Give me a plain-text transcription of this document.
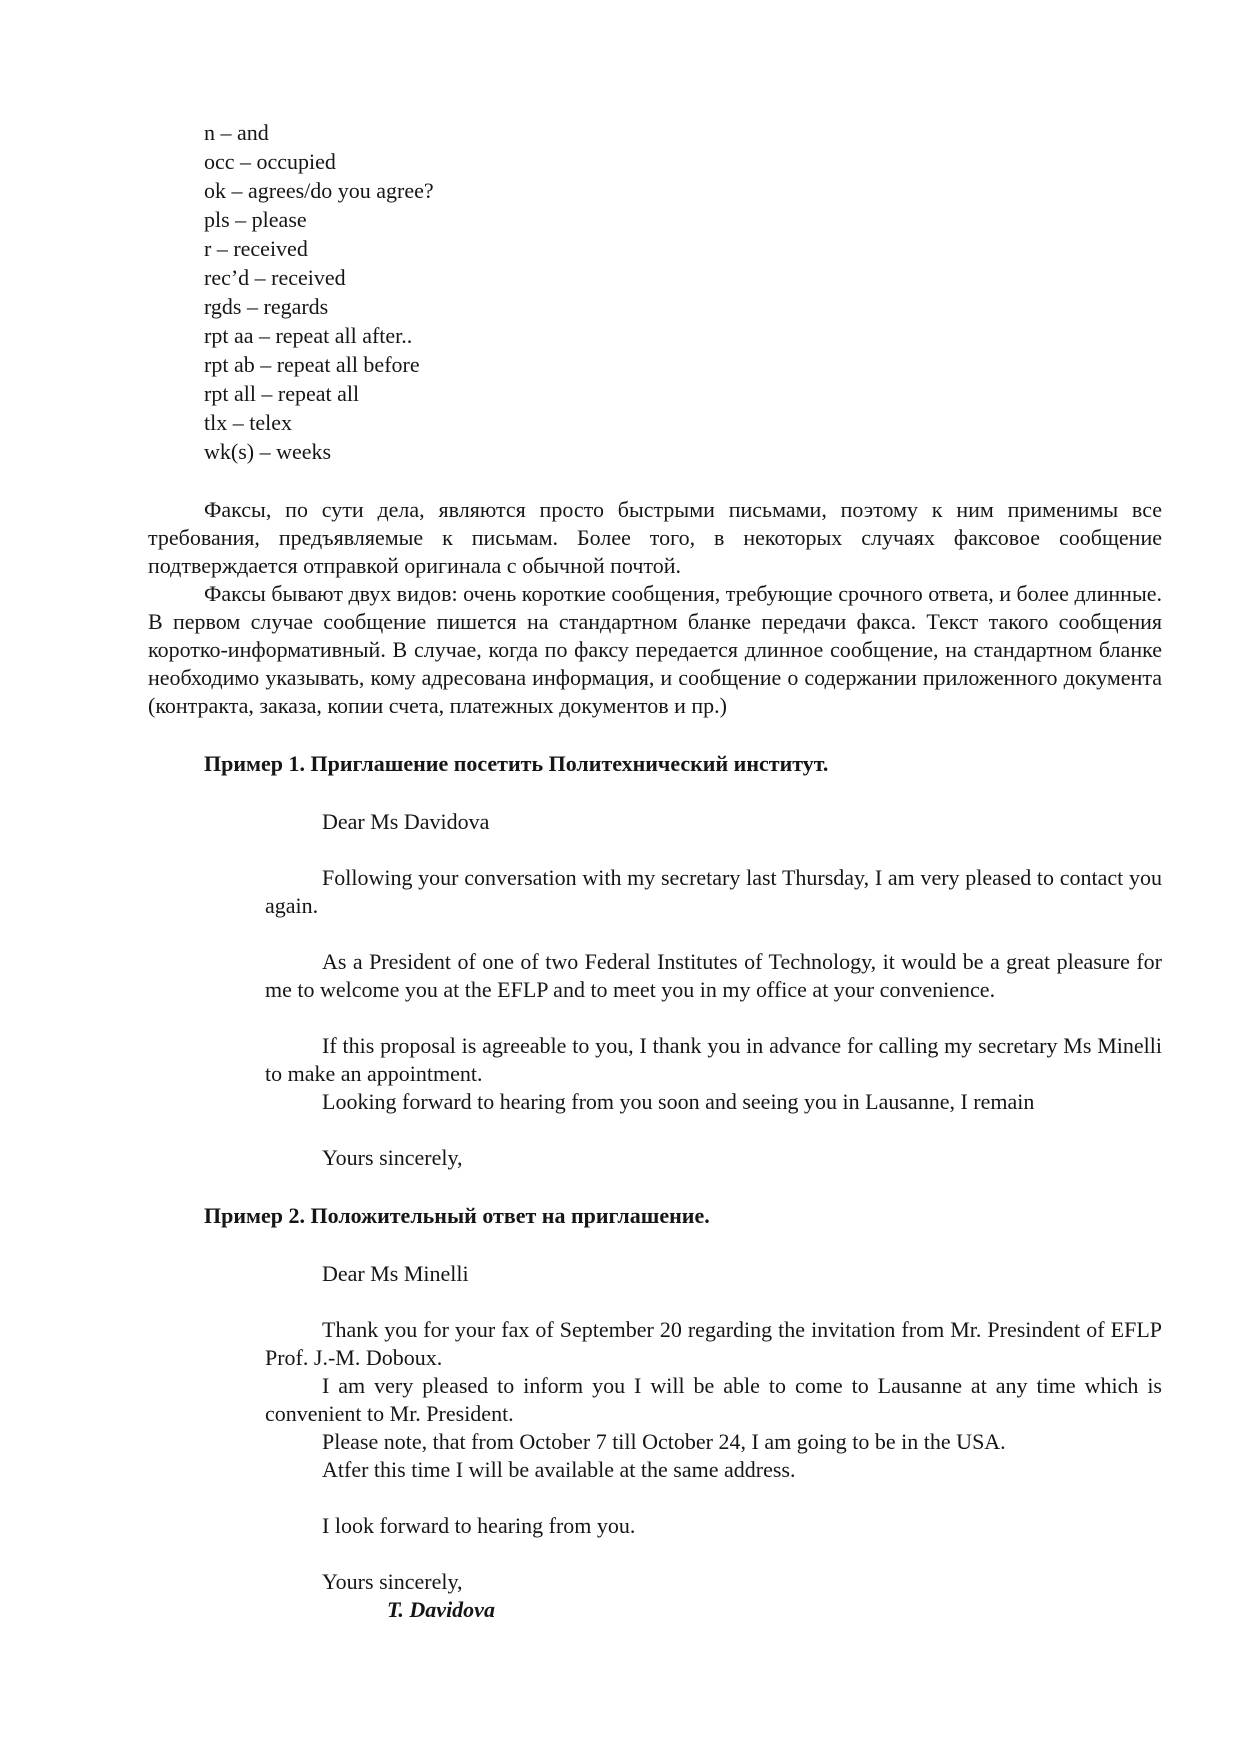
n – and
occ – occupied
ok – agrees/do you agree?
pls – please
r – received
rec’d – received
rgds – regards
rpt aa – repeat all after..
rpt ab – repeat all before
rpt all – repeat all
tlx – telex
wk(s) – weeks

Факсы, по сути дела, являются просто быстрыми письмами, поэтому к ним применимы все требования, предъявляемые к письмам. Более того, в некоторых случаях факсовое сообщение подтверждается отправкой оригинала с обычной почтой.

Факсы бывают двух видов: очень короткие сообщения, требующие срочного ответа, и более длинные. В первом случае сообщение пишется на стандартном бланке передачи факса. Текст такого сообщения коротко-информативный. В случае, когда по факсу передается длинное сообщение, на стандартном бланке необходимо указывать, кому адресована информация, и сообщение о содержании приложенного документа (контракта, заказа, копии счета, платежных документов и пр.)

Пример 1. Приглашение посетить Политехнический институт.

Dear Ms Davidova

Following your conversation with my secretary last Thursday, I am very pleased to contact you again.

As a President of one of two Federal Institutes of Technology, it would be a great pleasure for me to welcome you at the EFLP and to meet you in my office at your convenience.

If this proposal is agreeable to you, I thank you in advance for calling my secretary Ms Minelli to make an appointment.

Looking forward to hearing from you soon and seeing you in Lausanne, I remain

Yours sincerely,

Пример 2. Положительный ответ на приглашение.

Dear Ms Minelli

Thank you for your fax of September 20 regarding the invitation from Mr. Presindent of EFLP Prof. J.-M. Doboux.

I am very pleased to inform you I will be able to come to Lausanne at any time which is convenient to Mr. President.

Please note, that from October 7 till October 24, I am going to be in the USA.

Atfer this time I will be available at the same address.

I look forward to hearing from you.

Yours sincerely,

T. Davidova
